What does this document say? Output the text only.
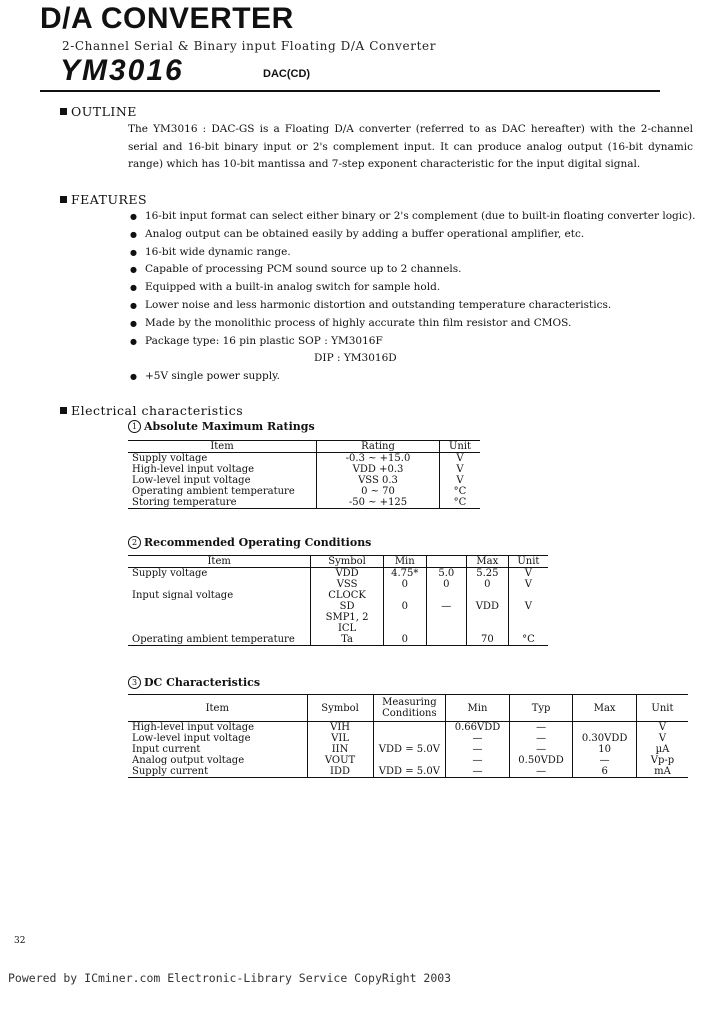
D/A CONVERTER
2-Channel Serial & Binary input Floating D/A Converter
YM3016	DAC(CD)
OUTLINE
The YM3016 : DAC-GS is a Floating D/A converter (referred to as DAC hereafter) with the 2-channel serial and 16-bit binary input or 2's complement input. It can produce analog output (16-bit dynamic range) which has 10-bit mantissa and 7-step exponent characteristic for the input digital signal.
FEATURES
● 16-bit input format can select either binary or 2's complement (due to built-in floating converter logic).
● Analog output can be obtained easily by adding a buffer operational amplifier, etc.
● 16-bit wide dynamic range.
● Capable of processing PCM sound source up to 2 channels.
● Equipped with a built-in analog switch for sample hold.
● Lower noise and less harmonic distortion and outstanding temperature characteristics.
● Made by the monolithic process of highly accurate thin film resistor and CMOS.
● Package type: 16 pin plastic SOP : YM3016F
DIP : YM3016D
● +5V single power supply.
Electrical characteristics
1 Absolute Maximum Ratings
Item	Rating	Unit
Supply voltage	-0.3 ~ +15.0	V
High-level input voltage	VDD +0.3	V
Low-level input voltage	VSS 0.3	V
Operating ambient temperature	0 ~ 70	°C
Storing temperature	-50 ~ +125	°C
2 Recommended Operating Conditions
Item	Symbol	Min		Max	Unit
Supply voltage	VDD	4.75*	5.0	5.25	V
	VSS	0	0	0	V
Input signal voltage	CLOCK				
	SD	0	—	VDD	V
	SMP1, 2				
	ICL				
Operating ambient temperature	Ta	0		70	°C
3 DC Characteristics
Item	Symbol	Measuring Conditions	Min	Typ	Max	Unit
High-level input voltage	VIH		0.66VDD	—		V
Low-level input voltage	VIL		—	—	0.30VDD	V
Input current	IIN	VDD = 5.0V	—	—	10	µA
Analog output voltage	VOUT		—	0.50VDD	—	Vp-p
Supply current	IDD	VDD = 5.0V	—	—	6	mA
32
Powered by ICminer.com Electronic-Library Service CopyRight 2003
